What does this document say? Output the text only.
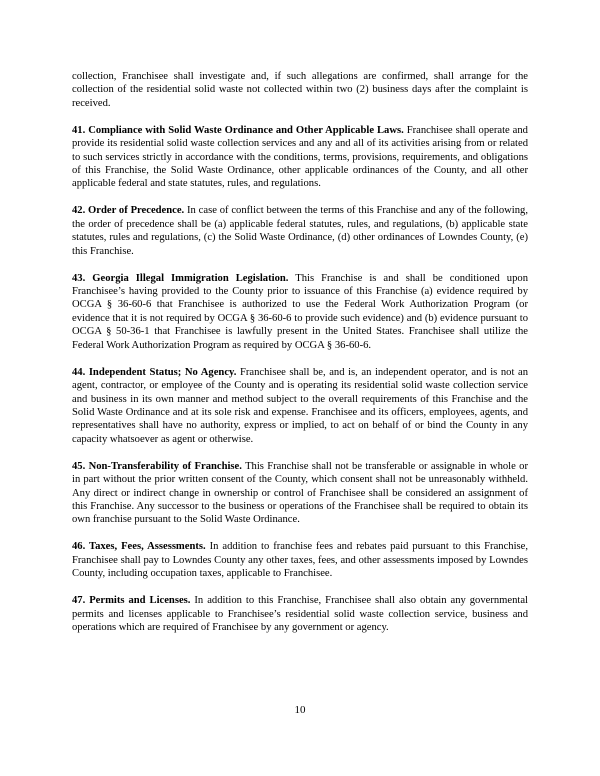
collection, Franchisee shall investigate and, if such allegations are confirmed, shall arrange for the collection of the residential solid waste not collected within two (2) business days after the complaint is received.

41. Compliance with Solid Waste Ordinance and Other Applicable Laws. Franchisee shall operate and provide its residential solid waste collection services and any and all of its activities arising from or related to such services strictly in accordance with the conditions, terms, provisions, requirements, and obligations of this Franchise, the Solid Waste Ordinance, other applicable ordinances of the County, and all other applicable federal and state statutes, rules, and regulations.

42. Order of Precedence. In case of conflict between the terms of this Franchise and any of the following, the order of precedence shall be (a) applicable federal statutes, rules, and regulations, (b) applicable state statutes, rules and regulations, (c) the Solid Waste Ordinance, (d) other ordinances of Lowndes County, (e) this Franchise.

43. Georgia Illegal Immigration Legislation. This Franchise is and shall be conditioned upon Franchisee’s having provided to the County prior to issuance of this Franchise (a) evidence required by OCGA § 36-60-6 that Franchisee is authorized to use the Federal Work Authorization Program (or evidence that it is not required by OCGA § 36-60-6 to provide such evidence) and (b) evidence pursuant to OCGA § 50-36-1 that Franchisee is lawfully present in the United States. Franchisee shall utilize the Federal Work Authorization Program as required by OCGA § 36-60-6.

44. Independent Status; No Agency. Franchisee shall be, and is, an independent operator, and is not an agent, contractor, or employee of the County and is operating its residential solid waste collection service and business in its own manner and method subject to the overall requirements of this Franchise and the Solid Waste Ordinance and at its sole risk and expense. Franchisee and its officers, employees, agents, and representatives shall have no authority, express or implied, to act on behalf of or bind the County in any capacity whatsoever as agent or otherwise.

45. Non-Transferability of Franchise. This Franchise shall not be transferable or assignable in whole or in part without the prior written consent of the County, which consent shall not be unreasonably withheld. Any direct or indirect change in ownership or control of Franchisee shall be considered an assignment of this Franchise. Any successor to the business or operations of the Franchisee shall be required to obtain its own franchise pursuant to the Solid Waste Ordinance.

46. Taxes, Fees, Assessments. In addition to franchise fees and rebates paid pursuant to this Franchise, Franchisee shall pay to Lowndes County any other taxes, fees, and other assessments imposed by Lowndes County, including occupation taxes, applicable to Franchisee.

47. Permits and Licenses. In addition to this Franchise, Franchisee shall also obtain any governmental permits and licenses applicable to Franchisee’s residential solid waste collection service, business and operations which are required of Franchisee by any government or agency.

10
